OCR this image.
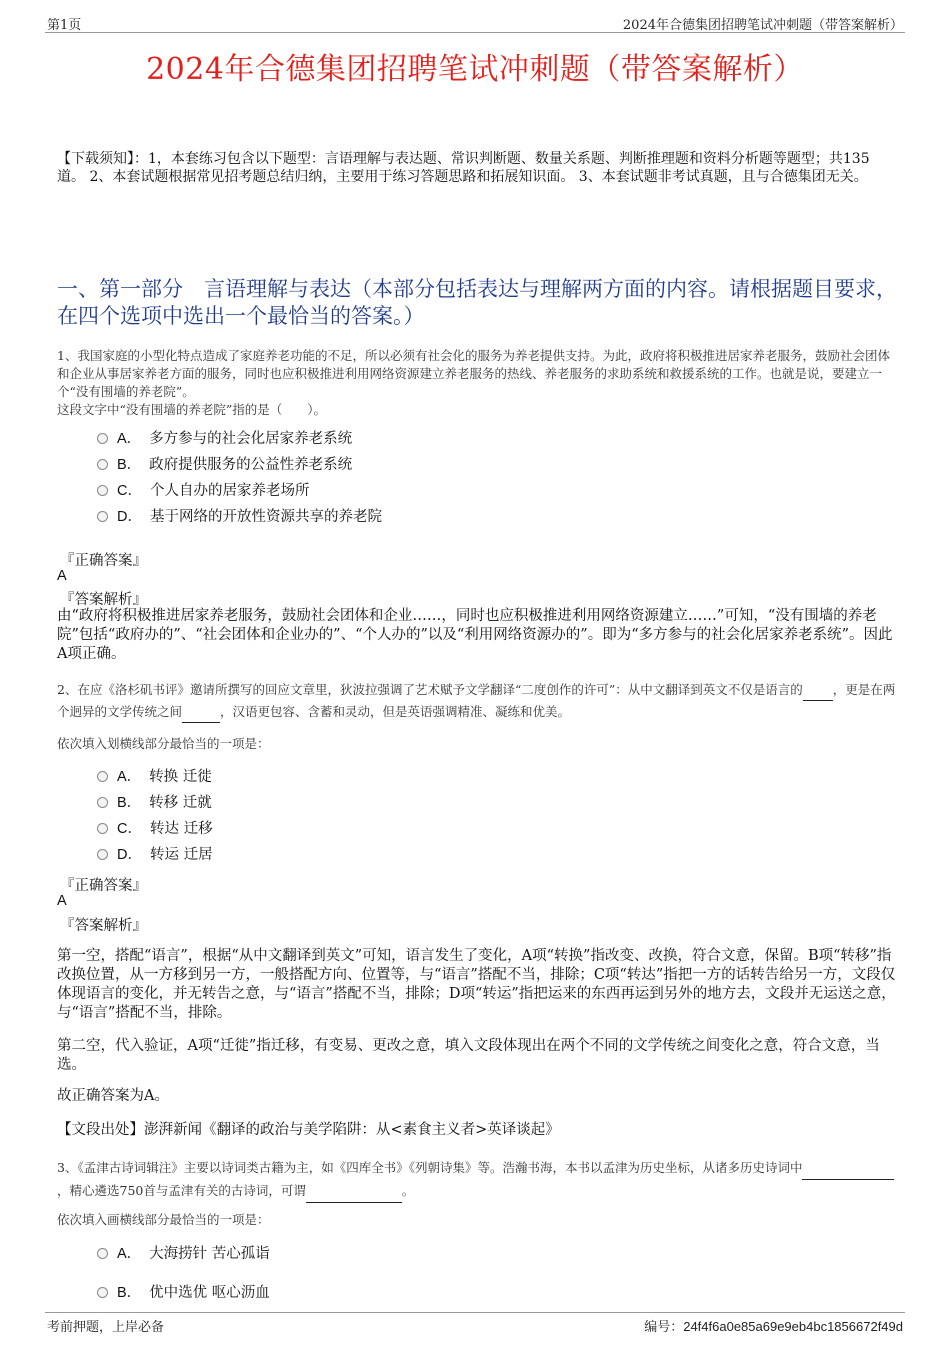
第1页	2024年合德集团招聘笔试冲刺题（带答案解析）
2024年合德集团招聘笔试冲刺题（带答案解析）
【下载须知】：1，本套练习包含以下题型：言语理解与表达题、常识判断题、数量关系题、判断推理题和资料分析题等题型；共135道。 2、本套试题根据常见招考题总结归纳，主要用于练习答题思路和拓展知识面。 3、本套试题非考试真题，且与合德集团无关。
一、第一部分　言语理解与表达（本部分包括表达与理解两方面的内容。请根据题目要求，在四个选项中选出一个最恰当的答案。）
1、我国家庭的小型化特点造成了家庭养老功能的不足，所以必须有社会化的服务为养老提供支持。为此，政府将积极推进居家养老服务，鼓励社会团体和企业从事居家养老方面的服务，同时也应积极推进利用网络资源建立养老服务的热线、养老服务的求助系统和救援系统的工作。也就是说，要建立一个“没有围墙的养老院”。
这段文字中“没有围墙的养老院”指的是（　　）。
A． 多方参与的社会化居家养老系统
B． 政府提供服务的公益性养老系统
C． 个人自办的居家养老场所
D． 基于网络的开放性资源共享的养老院
『正确答案』
A
『答案解析』
由“政府将积极推进居家养老服务，鼓励社会团体和企业……，同时也应积极推进利用网络资源建立……”可知，“没有围墙的养老院”包括“政府办的”、“社会团体和企业办的”、“个人办的”以及“利用网络资源办的”。即为“多方参与的社会化居家养老系统”。因此A项正确。
2、在应《洛杉矶书评》邀请所撰写的回应文章里，狄波拉强调了艺术赋予文学翻译“二度创作的许可”：从中文翻译到英文不仅是语言的 ，更是在两个迥异的文学传统之间	，汉语更包容、含蓄和灵动，但是英语强调精准、凝练和优美。
依次填入划横线部分最恰当的一项是：
A． 转换 迁徙
B． 转移 迁就
C． 转达 迁移
D． 转运 迁居
『正确答案』
A
『答案解析』
第一空，搭配“语言”，根据“从中文翻译到英文”可知，语言发生了变化，A项“转换”指改变、改换，符合文意，保留。B项“转移”指改换位置，从一方移到另一方，一般搭配方向、位置等，与“语言”搭配不当，排除；C项“转达”指把一方的话转告给另一方，文段仅体现语言的变化，并无转告之意，与“语言”搭配不当，排除；D项“转运”指把运来的东西再运到另外的地方去，文段并无运送之意，与“语言”搭配不当，排除。
第二空，代入验证，A项“迁徙”指迁移，有变易、更改之意，填入文段体现出在两个不同的文学传统之间变化之意，符合文意，当选。
故正确答案为A。
【文段出处】澎湃新闻《翻译的政治与美学陷阱：从<素食主义者>英译谈起》
3、《孟津古诗词辑注》主要以诗词类古籍为主，如《四库全书》《列朝诗集》等。浩瀚书海，本书以孟津为历史坐标，从诸多历史诗词中 ，精心遴选750首与孟津有关的古诗词，可谓	。
依次填入画横线部分最恰当的一项是：
A． 大海捞针 苦心孤诣
B． 优中选优 呕心沥血
考前押题，上岸必备	编号：24f4f6a0e85a69e9eb4bc1856672f49d
